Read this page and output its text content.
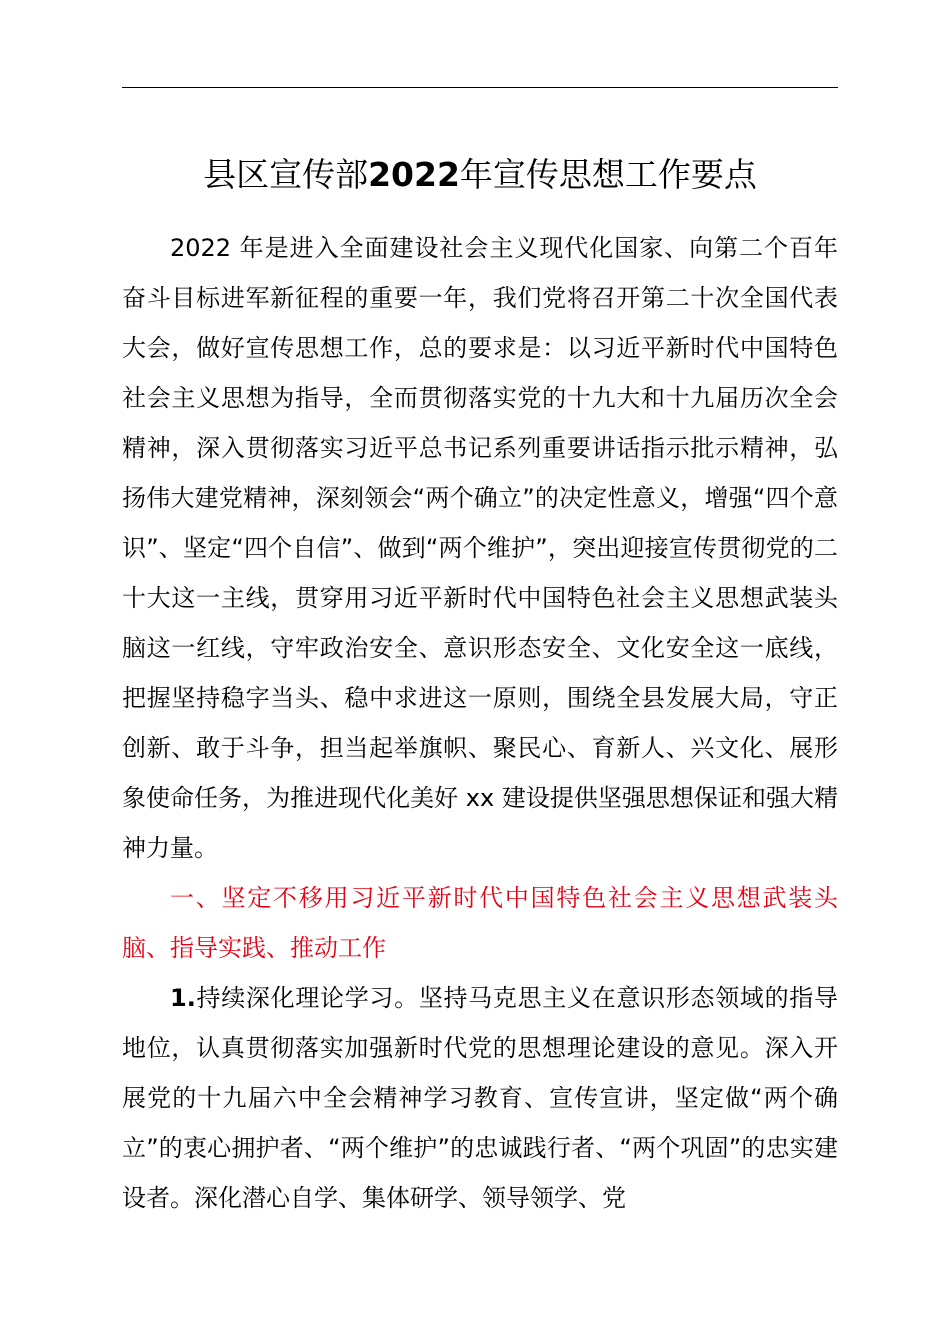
县区宣传部2022年宣传思想工作要点

2022 年是进入全面建设社会主义现代化国家、向第二个百年奋斗目标进军新征程的重要一年，我们党将召开第二十次全国代表大会，做好宣传思想工作，总的要求是：以习近平新时代中国特色社会主义思想为指导，全而贯彻落实党的十九大和十九届历次全会精神，深入贯彻落实习近平总书记系列重要讲话指示批示精神，弘扬伟大建党精神，深刻领会“两个确立”的决定性意义，增强“四个意识”、坚定“四个自信”、做到“两个维护”，突出迎接宣传贯彻党的二十大这一主线，贯穿用习近平新时代中国特色社会主义思想武装头脑这一红线，守牢政治安全、意识形态安全、文化安全这一底线，把握坚持稳字当头、稳中求进这一原则，围绕全县发展大局，守正创新、敢于斗争，担当起举旗帜、聚民心、育新人、兴文化、展形象使命任务，为推进现代化美好 xx 建设提供坚强思想保证和强大精神力量。

一、坚定不移用习近平新时代中国特色社会主义思想武装头脑、指导实践、推动工作

1.持续深化理论学习。坚持马克思主义在意识形态领域的指导地位，认真贯彻落实加强新时代党的思想理论建设的意见。深入开展党的十九届六中全会精神学习教育、宣传宣讲，坚定做“两个确立”的衷心拥护者、“两个维护”的忠诚践行者、“两个巩固”的忠实建设者。深化潜心自学、集体研学、领导领学、党
